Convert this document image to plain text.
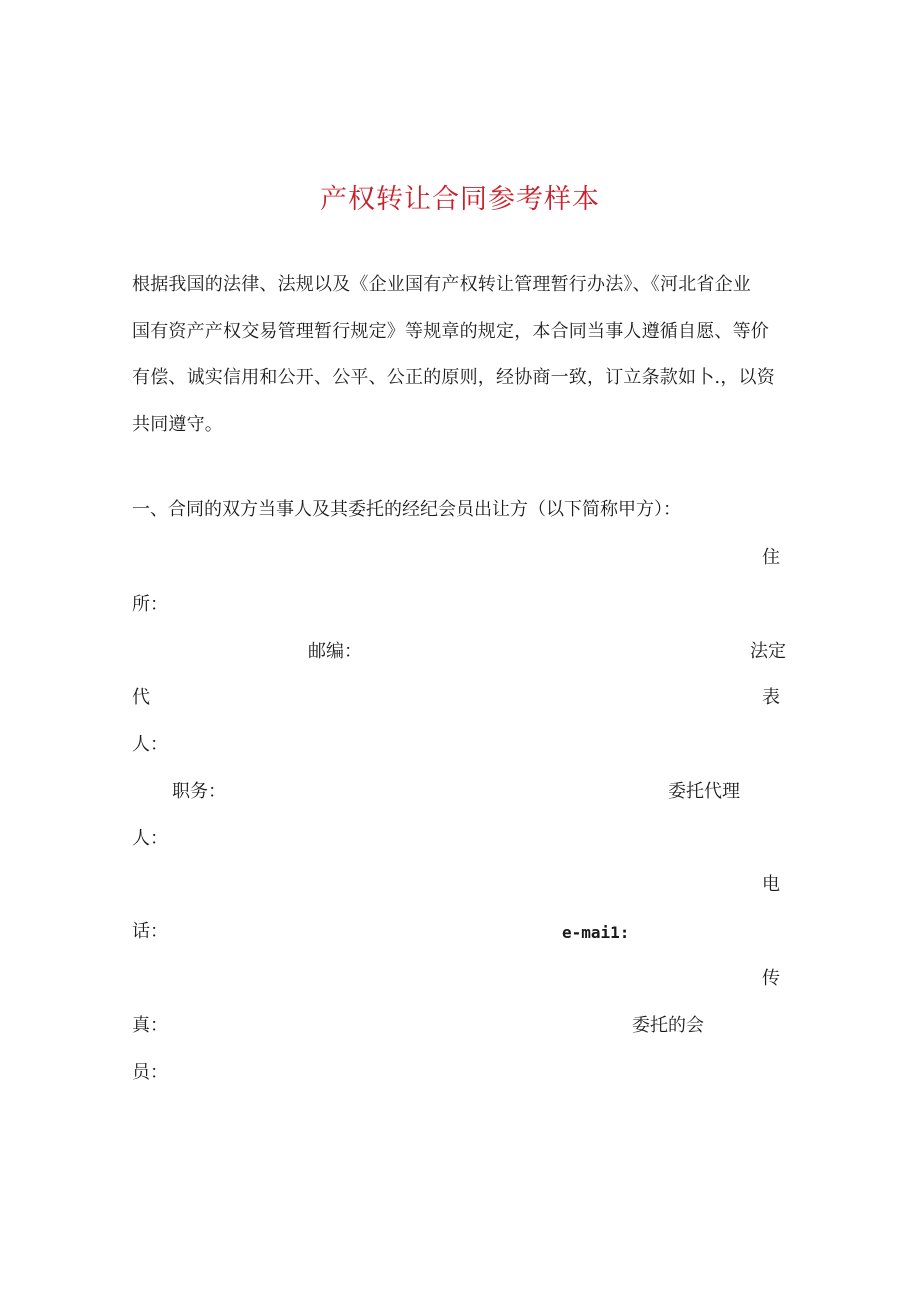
产权转让合同参考样本
根据我国的法律、法规以及《企业国有产权转让管理暂行办法》、《河北省企业
国有资产产权交易管理暂行规定》等规章的规定，本合同当事人遵循自愿、等价
有偿、诚实信用和公开、公平、公正的原则，经协商一致，订立条款如卜.，以资
共同遵守。
一、合同的双方当事人及其委托的经纪会员出让方（以下简称甲方）：
住
所：
邮编：	法定
代	表
人：
职务：	委托代理
人：
电
话：	e-mai1:
传
真：	委托的会
员：
